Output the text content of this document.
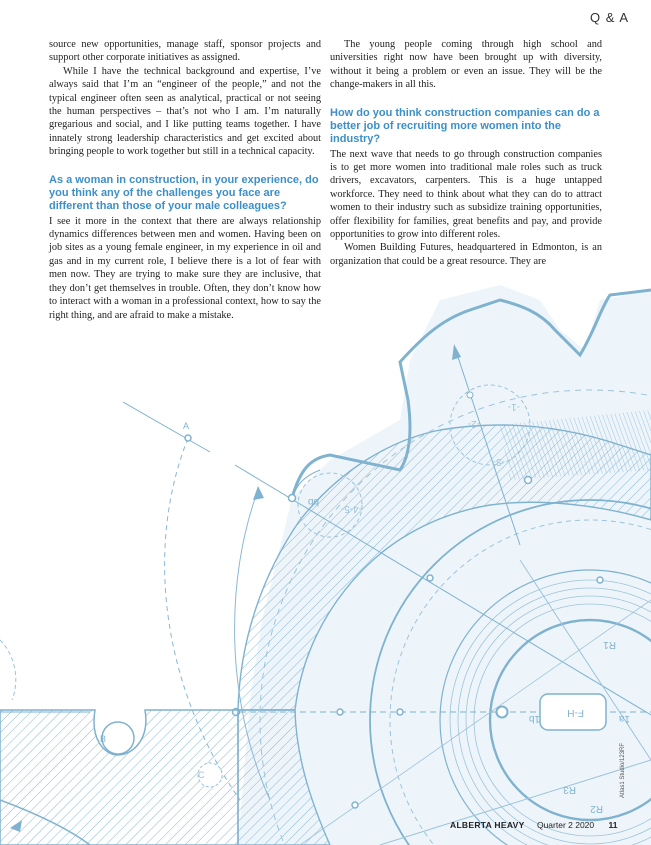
A
-1-
-2-
-3-
-4-5-
bb
R1
R3
R2
F-H
1b	1a
B
C
Q & A

source new opportunities, manage staff, sponsor projects and support other corporate initiatives as assigned.

While I have the technical background and expertise, I’ve always said that I’m an “engineer of the people,” and not the typical engineer often seen as analytical, practical or not seeing the human perspectives – that’s not who I am. I’m naturally gregarious and social, and I like putting teams together. I have innately strong leadership characteristics and get excited about bringing people to work together but still in a technical capacity.

As a woman in construction, in your experience, do you think any of the challenges you face are different than those of your male colleagues?

I see it more in the context that there are always relationship dynamics differences between men and women. Having been on job sites as a young female engineer, in my experience in oil and gas and in my current role, I believe there is a lot of fear with men now. They are trying to make sure they are inclusive, that they don’t get themselves in trouble. Often, they don’t know how to interact with a woman in a professional context, how to say the right thing, and are afraid to make a mistake.

The young people coming through high school and universities right now have been brought up with diversity, without it being a problem or even an issue. They will be the change-makers in all this.

How do you think construction companies can do a better job of recruiting more women into the industry?

The next wave that needs to go through construction companies is to get more women into traditional male roles such as truck drivers, excavators, carpenters. This is a huge untapped workforce. They need to think about what they can do to attract women to their industry such as subsidize training opportunities, offer flexibility for families, great benefits and pay, and provide opportunities to grow into different roles.

Women Building Futures, headquartered in Edmonton, is an organization that could be a great resource. They are

Atlas1 Studio/123RF
ALBERTA HEAVY Quarter 2 2020 11
